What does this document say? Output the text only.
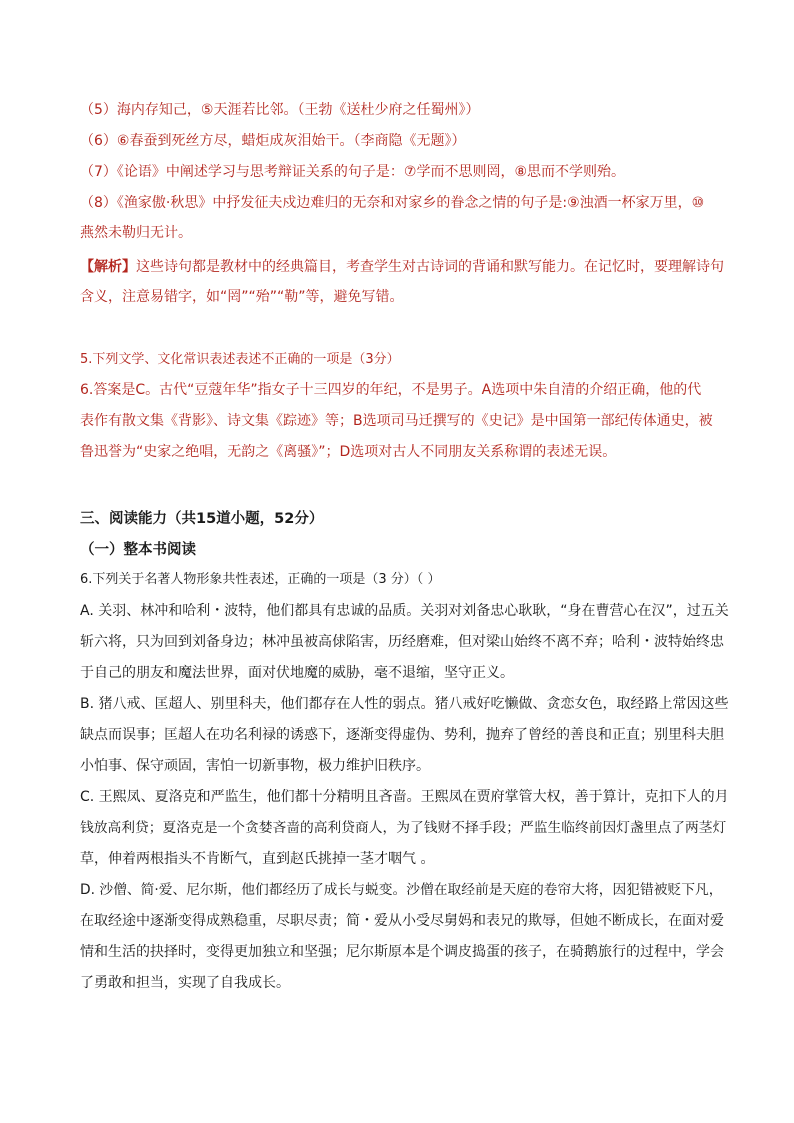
（5）海内存知己，⑤天涯若比邻。（王勃《送杜少府之任蜀州》）
（6）⑥春蚕到死丝方尽，蜡炬成灰泪始干。（李商隐《无题》）
（7）《论语》中阐述学习与思考辩证关系的句子是：⑦学而不思则罔，⑧思而不学则殆。
（8）《渔家傲·秋思》中抒发征夫戍边难归的无奈和对家乡的眷念之情的句子是:⑨浊酒一杯家万里，⑩
燕然未勒归无计。
【解析】这些诗句都是教材中的经典篇目，考查学生对古诗词的背诵和默写能力。在记忆时，要理解诗句
含义，注意易错字，如“罔”“殆”“勒”等，避免写错。
5.下列文学、文化常识表述表述不正确的一项是（3分）
6.答案是C。古代“豆蔻年华”指女子十三四岁的年纪，不是男子。A选项中朱自清的介绍正确，他的代
表作有散文集《背影》、诗文集《踪迹》等；B选项司马迁撰写的《史记》是中国第一部纪传体通史，被
鲁迅誉为“史家之绝唱，无韵之《离骚》”；D选项对古人不同朋友关系称谓的表述无误。
三、阅读能力（共15道小题，52分）
（一）整本书阅读
6.下列关于名著人物形象共性表述，正确的一项是（3 分）（ ）
A. 关羽、林冲和哈利・波特，他们都具有忠诚的品质。关羽对刘备忠心耿耿，“身在曹营心在汉”，过五关
斩六将，只为回到刘备身边；林冲虽被高俅陷害，历经磨难，但对梁山始终不离不弃；哈利・波特始终忠
于自己的朋友和魔法世界，面对伏地魔的威胁，毫不退缩，坚守正义。
B. 猪八戒、匡超人、别里科夫，他们都存在人性的弱点。猪八戒好吃懒做、贪恋女色，取经路上常因这些
缺点而误事；匡超人在功名利禄的诱惑下，逐渐变得虚伪、势利，抛弃了曾经的善良和正直；别里科夫胆
小怕事、保守顽固，害怕一切新事物，极力维护旧秩序。
C. 王熙凤、夏洛克和严监生，他们都十分精明且吝啬。王熙凤在贾府掌管大权，善于算计，克扣下人的月
钱放高利贷；夏洛克是一个贪婪吝啬的高利贷商人，为了钱财不择手段；严监生临终前因灯盏里点了两茎灯
草，伸着两根指头不肯断气，直到赵氏挑掉一茎才咽气 。
D. 沙僧、简·爱、尼尔斯，他们都经历了成长与蜕变。沙僧在取经前是天庭的卷帘大将，因犯错被贬下凡，
在取经途中逐渐变得成熟稳重，尽职尽责；简・爱从小受尽舅妈和表兄的欺辱，但她不断成长，在面对爱
情和生活的抉择时，变得更加独立和坚强；尼尔斯原本是个调皮捣蛋的孩子，在骑鹅旅行的过程中，学会
了勇敢和担当，实现了自我成长。
